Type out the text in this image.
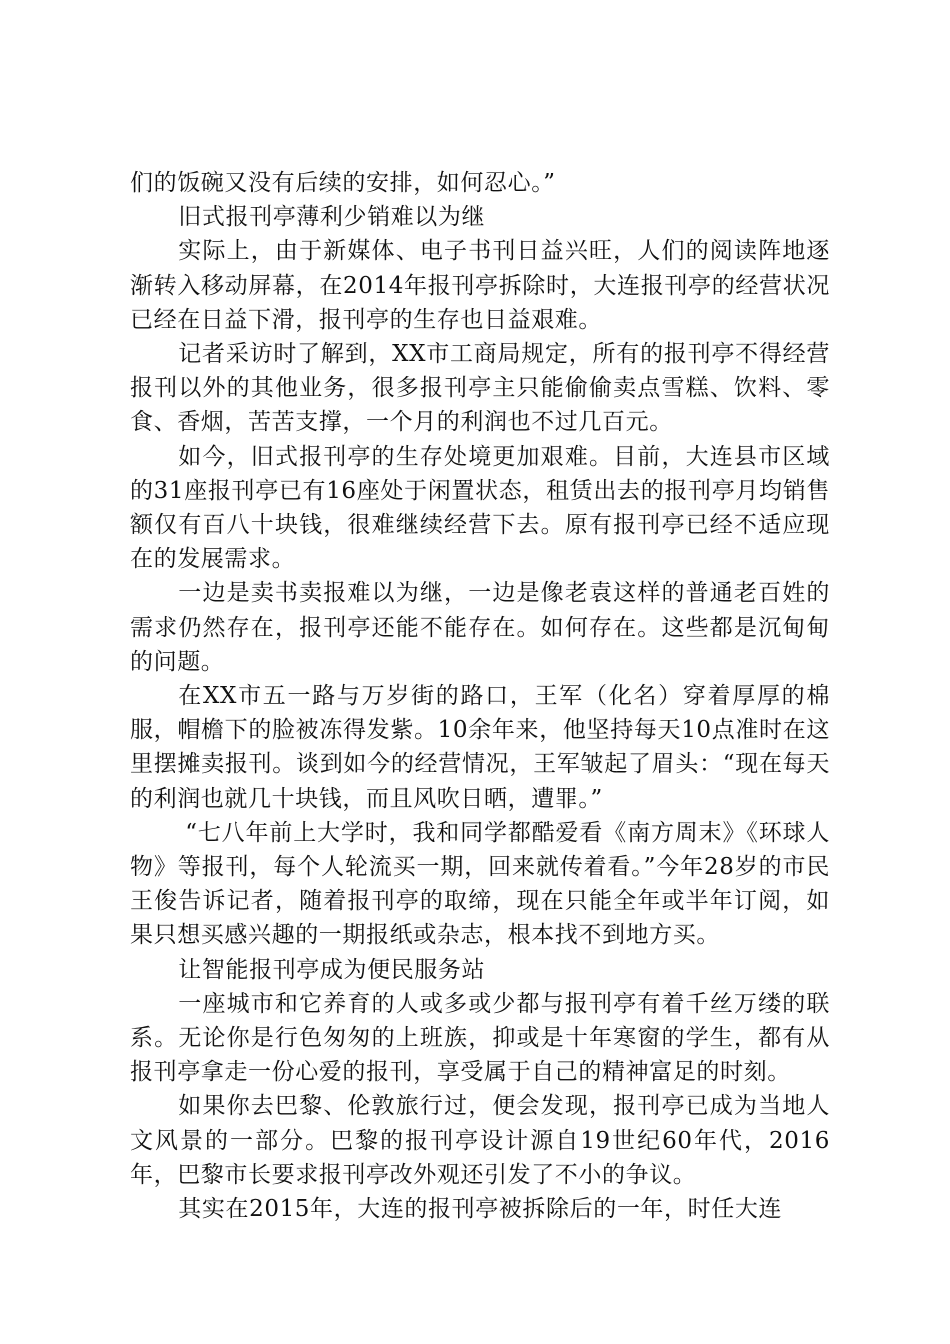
们的饭碗又没有后续的安排，如何忍心。”

旧式报刊亭薄利少销难以为继

实际上，由于新媒体、电子书刊日益兴旺，人们的阅读阵地逐渐转入移动屏幕，在2014年报刊亭拆除时，大连报刊亭的经营状况已经在日益下滑，报刊亭的生存也日益艰难。

记者采访时了解到，XX市工商局规定，所有的报刊亭不得经营报刊以外的其他业务，很多报刊亭主只能偷偷卖点雪糕、饮料、零食、香烟，苦苦支撑，一个月的利润也不过几百元。

如今，旧式报刊亭的生存处境更加艰难。目前，大连县市区域的31座报刊亭已有16座处于闲置状态，租赁出去的报刊亭月均销售额仅有百八十块钱，很难继续经营下去。原有报刊亭已经不适应现在的发展需求。

一边是卖书卖报难以为继，一边是像老袁这样的普通老百姓的需求仍然存在，报刊亭还能不能存在。如何存在。这些都是沉甸甸的问题。

在XX市五一路与万岁街的路口，王军（化名）穿着厚厚的棉服，帽檐下的脸被冻得发紫。10余年来，他坚持每天10点准时在这里摆摊卖报刊。谈到如今的经营情况，王军皱起了眉头：“现在每天的利润也就几十块钱，而且风吹日晒，遭罪。”

“七八年前上大学时，我和同学都酷爱看《南方周末》《环球人物》等报刊，每个人轮流买一期，回来就传着看。”今年28岁的市民王俊告诉记者，随着报刊亭的取缔，现在只能全年或半年订阅，如果只想买感兴趣的一期报纸或杂志，根本找不到地方买。

让智能报刊亭成为便民服务站

一座城市和它养育的人或多或少都与报刊亭有着千丝万缕的联系。无论你是行色匆匆的上班族，抑或是十年寒窗的学生，都有从报刊亭拿走一份心爱的报刊，享受属于自己的精神富足的时刻。

如果你去巴黎、伦敦旅行过，便会发现，报刊亭已成为当地人文风景的一部分。巴黎的报刊亭设计源自19世纪60年代，2016年，巴黎市长要求报刊亭改外观还引发了不小的争议。

其实在2015年，大连的报刊亭被拆除后的一年，时任大连
